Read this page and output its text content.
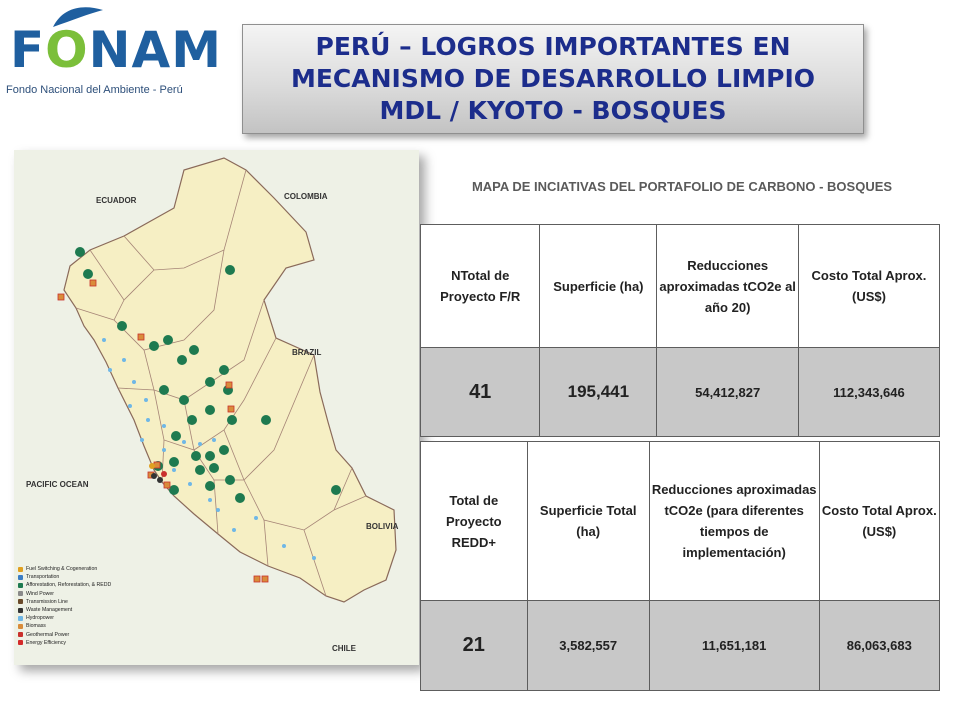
FONAM
Fondo Nacional del Ambiente - Perú
PERÚ – LOGROS IMPORTANTES EN
MECANISMO DE DESARROLLO LIMPIO
MDL / KYOTO - BOSQUES
ECUADOR	COLOMBIA
BRAZIL
PACIFIC OCEAN
BOLIVIA
CHILE
Fuel Switching & Cogeneration
Transportation
Afforestation, Reforestation, & REDD
Wind Power
Transmission Line
Waste Management
Hydropower
Biomass
Geothermal Power
Energy Efficiency
MAPA DE INCIATIVAS DEL PORTAFOLIO DE CARBONO - BOSQUES
NTotal de Proyecto F/R	Superficie (ha)	Reducciones aproximadas tCO2e al año 20)	Costo Total Aprox. (US$)
41	195,441	54,412,827	112,343,646
Total de Proyecto REDD+	Superficie Total (ha)	Reducciones aproximadas tCO2e (para diferentes tiempos de implementación)	Costo Total Aprox. (US$)
21	3,582,557	11,651,181	86,063,683
